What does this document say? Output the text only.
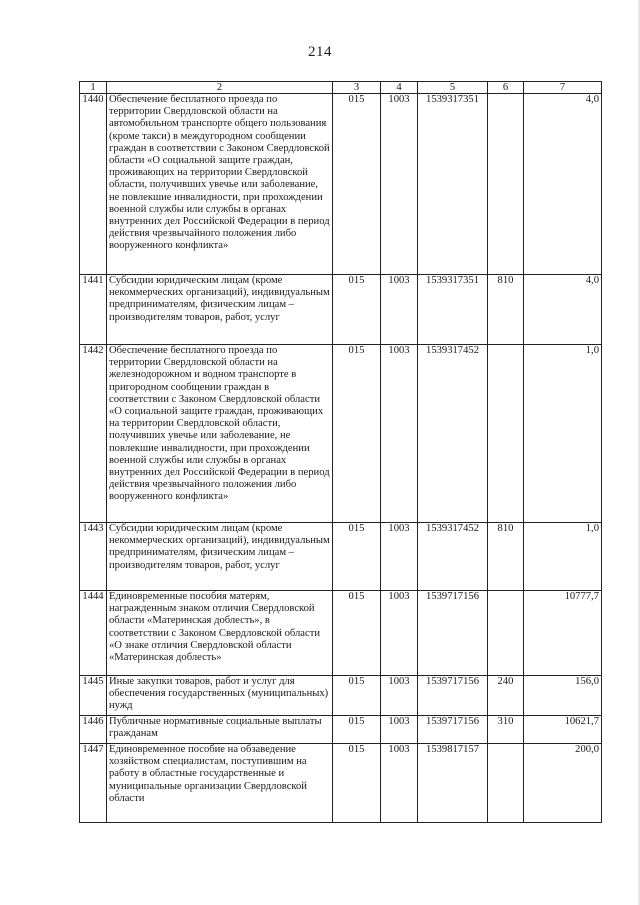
214
1	2	3	4	5	6	7
1440	Обеспечение бесплатного проезда по территории Свердловской области на автомобильном транспорте общего пользования (кроме такси) в междугородном сообщении граждан в соответствии с Законом Свердловской области «О социальной защите граждан, проживающих на территории Свердловской области, получивших увечье или заболевание, не повлекшие инвалидности, при прохождении военной службы или службы в органах внутренних дел Российской Федерации в период действия чрезвычайного положения либо вооруженного конфликта»	015	1003	1539317351		4,0
1441	Субсидии юридическим лицам (кроме некоммерческих организаций), индивидуальным предпринимателям, физическим лицам – производителям товаров, работ, услуг	015	1003	1539317351	810	4,0
1442	Обеспечение бесплатного проезда по территории Свердловской области на железнодорожном и водном транспорте в пригородном сообщении граждан в соответствии с Законом Свердловской области «О социальной защите граждан, проживающих на территории Свердловской области, получивших увечье или заболевание, не повлекшие инвалидности, при прохождении военной службы или службы в органах внутренних дел Российской Федерации в период действия чрезвычайного положения либо вооруженного конфликта»	015	1003	1539317452		1,0
1443	Субсидии юридическим лицам (кроме некоммерческих организаций), индивидуальным предпринимателям, физическим лицам – производителям товаров, работ, услуг	015	1003	1539317452	810	1,0
1444	Единовременные пособия матерям, награжденным знаком отличия Свердловской области «Материнская доблесть», в соответствии с Законом Свердловской области «О знаке отличия Свердловской области «Материнская доблесть»	015	1003	1539717156		10777,7
1445	Иные закупки товаров, работ и услуг для обеспечения государственных (муниципальных) нужд	015	1003	1539717156	240	156,0
1446	Публичные нормативные социальные выплаты гражданам	015	1003	1539717156	310	10621,7
1447	Единовременное пособие на обзаведение хозяйством специалистам, поступившим на работу в областные государственные и муниципальные организации Свердловской области	015	1003	1539817157		200,0
